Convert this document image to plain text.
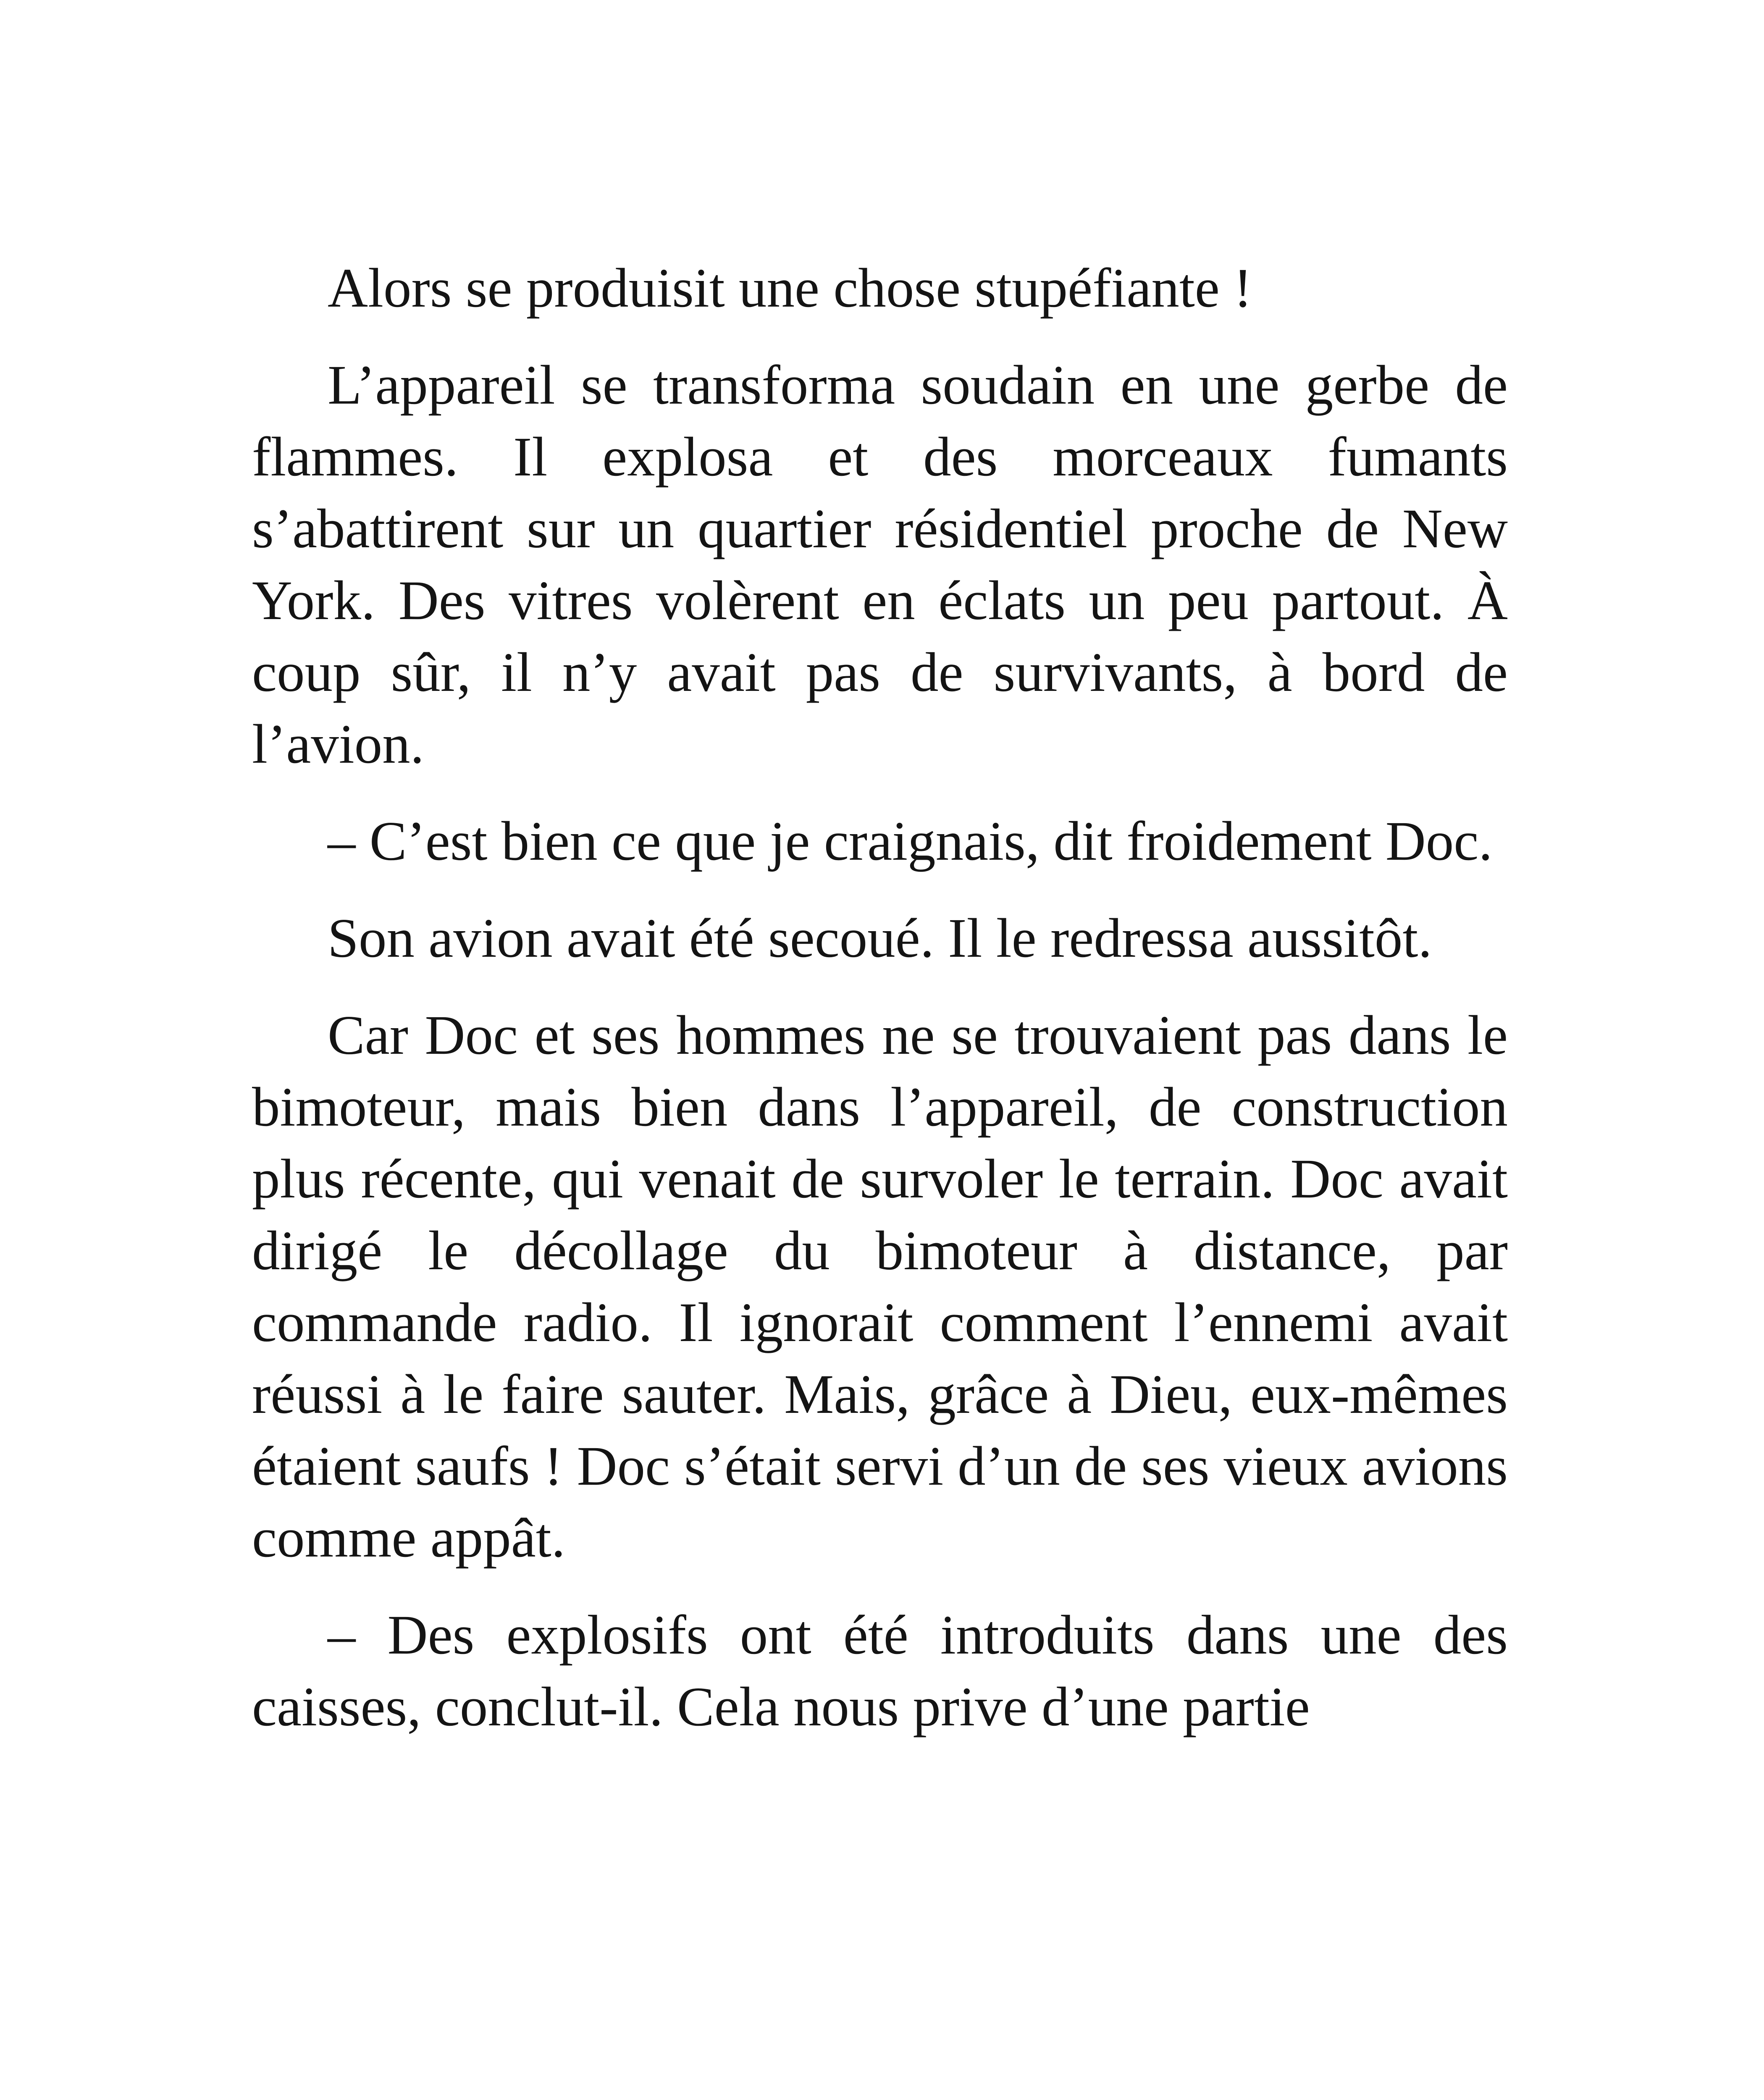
Alors se produisit une chose stupéfiante !

L’appareil se transforma soudain en une gerbe de flammes. Il explosa et des morceaux fumants s’abattirent sur un quartier résidentiel proche de New York. Des vitres volèrent en éclats un peu partout. À coup sûr, il n’y avait pas de survivants, à bord de l’avion.

– C’est bien ce que je craignais, dit froidement Doc.

Son avion avait été secoué. Il le redressa aussitôt.

Car Doc et ses hommes ne se trouvaient pas dans le bimoteur, mais bien dans l’appareil, de construction plus récente, qui venait de survoler le terrain. Doc avait dirigé le décollage du bimoteur à distance, par commande radio. Il ignorait comment l’ennemi avait réussi à le faire sauter. Mais, grâce à Dieu, eux-mêmes étaient saufs ! Doc s’était servi d’un de ses vieux avions comme appât.

– Des explosifs ont été introduits dans une des caisses, conclut-il. Cela nous prive d’une partie
